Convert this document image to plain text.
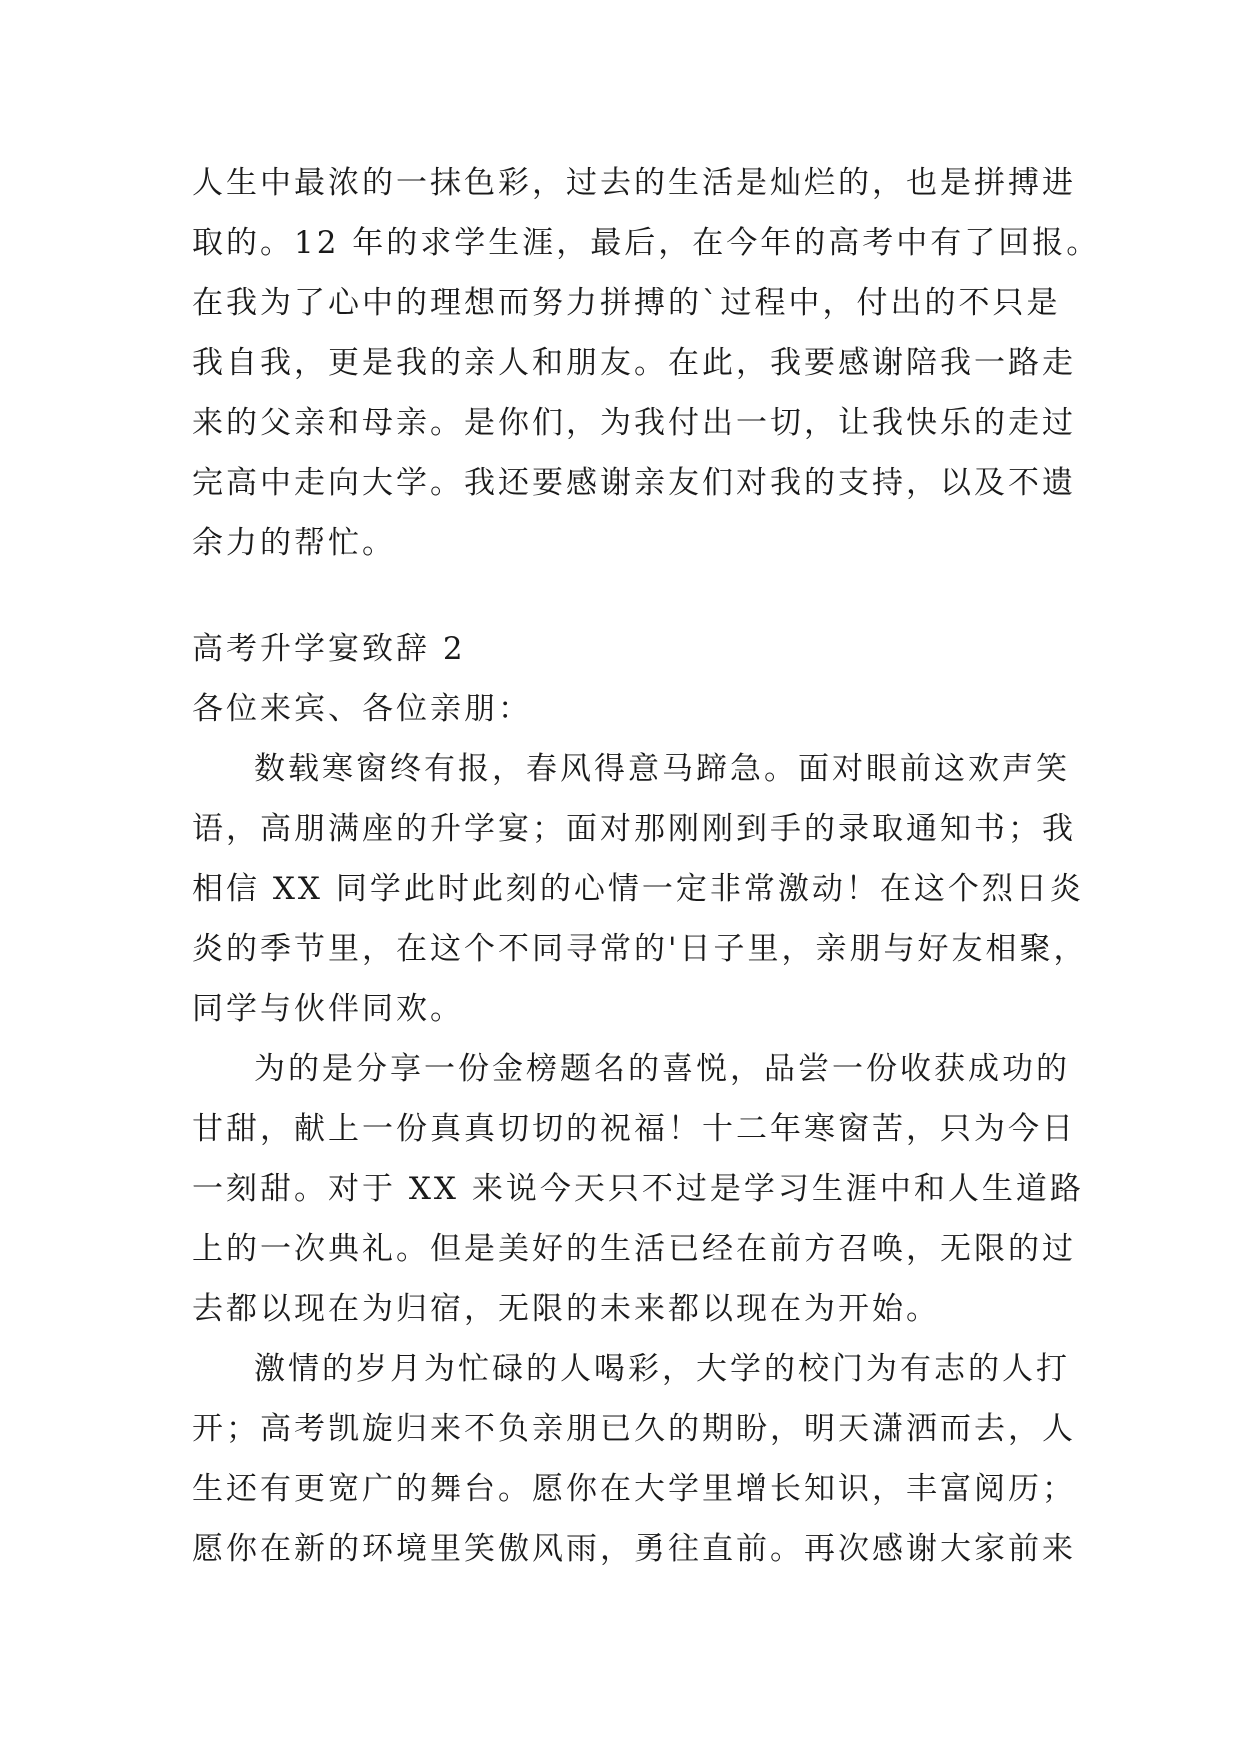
人生中最浓的一抹色彩，过去的生活是灿烂的，也是拼搏进
取的。12 年的求学生涯，最后，在今年的高考中有了回报。
在我为了心中的理想而努力拼搏的`过程中，付出的不只是
我自我，更是我的亲人和朋友。在此，我要感谢陪我一路走
来的父亲和母亲。是你们，为我付出一切，让我快乐的走过
完高中走向大学。我还要感谢亲友们对我的支持，以及不遗
余力的帮忙。
高考升学宴致辞 2
各位来宾、各位亲朋：
数载寒窗终有报，春风得意马蹄急。面对眼前这欢声笑
语，高朋满座的升学宴；面对那刚刚到手的录取通知书；我
相信 XX 同学此时此刻的心情一定非常激动！在这个烈日炎
炎的季节里，在这个不同寻常的'日子里，亲朋与好友相聚，
同学与伙伴同欢。
为的是分享一份金榜题名的喜悦，品尝一份收获成功的
甘甜，献上一份真真切切的祝福！十二年寒窗苦，只为今日
一刻甜。对于 XX 来说今天只不过是学习生涯中和人生道路
上的一次典礼。但是美好的生活已经在前方召唤，无限的过
去都以现在为归宿，无限的未来都以现在为开始。
激情的岁月为忙碌的人喝彩，大学的校门为有志的人打
开；高考凯旋归来不负亲朋已久的期盼，明天潇洒而去，人
生还有更宽广的舞台。愿你在大学里增长知识，丰富阅历；
愿你在新的环境里笑傲风雨，勇往直前。再次感谢大家前来
